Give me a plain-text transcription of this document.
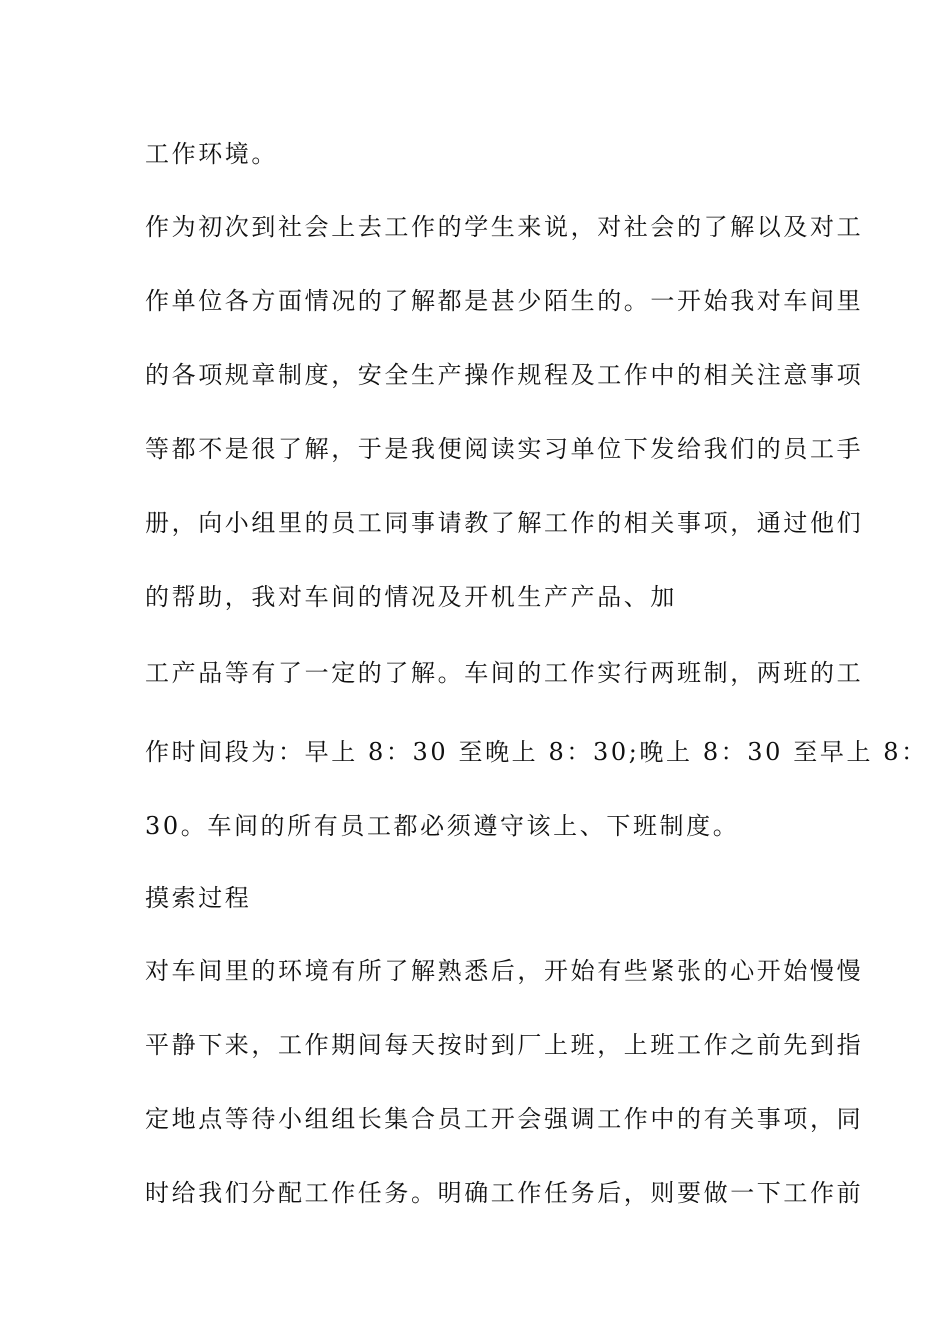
工作环境。
作为初次到社会上去工作的学生来说，对社会的了解以及对工
作单位各方面情况的了解都是甚少陌生的。一开始我对车间里
的各项规章制度，安全生产操作规程及工作中的相关注意事项
等都不是很了解，于是我便阅读实习单位下发给我们的员工手
册，向小组里的员工同事请教了解工作的相关事项，通过他们
的帮助，我对车间的情况及开机生产产品、加
工产品等有了一定的了解。车间的工作实行两班制，两班的工
作时间段为：早上 8：30 至晚上 8：30;晚上 8：30 至早上 8：
30。车间的所有员工都必须遵守该上、下班制度。
摸索过程
对车间里的环境有所了解熟悉后，开始有些紧张的心开始慢慢
平静下来，工作期间每天按时到厂上班，上班工作之前先到指
定地点等待小组组长集合员工开会强调工作中的有关事项，同
时给我们分配工作任务。明确工作任务后，则要做一下工作前
